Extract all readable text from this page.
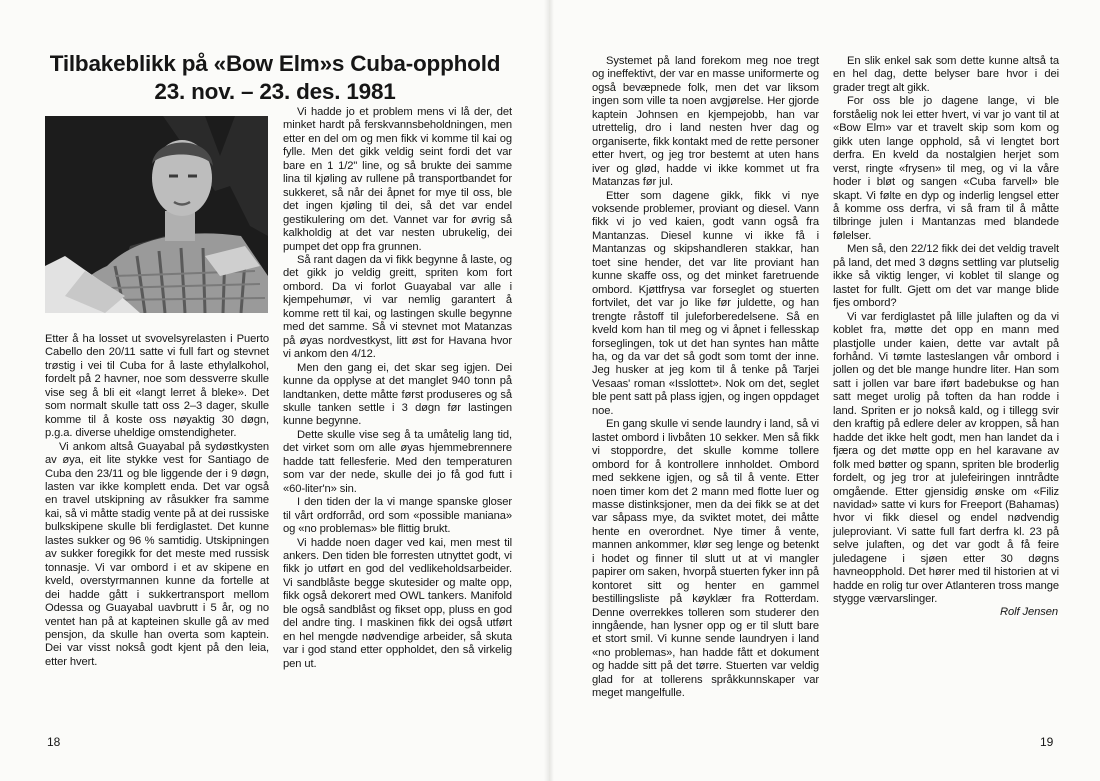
Tilbakeblikk på «Bow Elm»s Cuba-opphold
23. nov. – 23. des. 1981

Etter å ha losset ut svovelsyrelasten i Puerto Cabello den 20/11 satte vi full fart og stevnet trøstig i vei til Cuba for å laste ethylalkohol, fordelt på 2 havner, noe som dessverre skulle vise seg å bli eit «langt lerret å bleke». Det som normalt skulle tatt oss 2–3 dager, skulle komme til å koste oss nøyaktig 30 døgn, p.g.a. diverse uheldige omstendigheter.

Vi ankom altså Guayabal på sydøstkysten av øya, eit lite stykke vest for Santiago de Cuba den 23/11 og ble liggende der i 9 døgn, lasten var ikke komplett enda. Det var også en travel utskipning av råsukker fra samme kai, så vi måtte stadig vente på at dei russiske bulkskipene skulle bli ferdiglastet. Det kunne lastes sukker og 96 % samtidig. Utskipningen av sukker foregikk for det meste med russisk tonnasje. Vi var ombord i et av skipene en kveld, overstyrmannen kunne da fortelle at dei hadde gått i sukkertransport mellom Odessa og Guayabal uavbrutt i 5 år, og no ventet han på at kapteinen skulle gå av med pensjon, da skulle han overta som kaptein. Dei var visst nokså godt kjent på den leia, etter hvert.

Vi hadde jo et problem mens vi lå der, det minket hardt på ferskvannsbeholdningen, men etter en del om og men fikk vi komme til kai og fylle. Men det gikk veldig seint fordi det var bare en 1 1/2" line, og så brukte dei samme lina til kjøling av rullene på transportbandet for sukkeret, så når dei åpnet for mye til oss, ble det ingen kjøling til dei, så det var endel gestikulering om det. Vannet var for øvrig så kalkholdig at det var nesten ubrukelig, dei pumpet det opp fra grunnen.

Så rant dagen da vi fikk begynne å laste, og det gikk jo veldig greitt, spriten kom fort ombord. Da vi forlot Guayabal var alle i kjempehumør, vi var nemlig garantert å komme rett til kai, og lastingen skulle begynne med det samme. Så vi stevnet mot Matanzas på øyas nordvestkyst, litt øst for Havana hvor vi ankom den 4/12.

Men den gang ei, det skar seg igjen. Dei kunne da opplyse at det manglet 940 tonn på landtanken, dette måtte først produseres og så skulle tanken settle i 3 døgn før lastingen kunne begynne.

Dette skulle vise seg å ta umåtelig lang tid, det virket som om alle øyas hjemmebrennere hadde tatt fellesferie. Med den temperaturen som var der nede, skulle dei jo få god futt i «60-liter'n» sin.

I den tiden der la vi mange spanske gloser til vårt ordforråd, ord som «possible maniana» og «no problemas» ble flittig brukt.

Vi hadde noen dager ved kai, men mest til ankers. Den tiden ble forresten utnyttet godt, vi fikk jo utført en god del vedlikeholdsarbeider. Vi sandblåste begge skutesider og malte opp, fikk også dekorert med OWL tankers. Manifold ble også sandblåst og fikset opp, pluss en god del andre ting. I maskinen fikk dei også utført en hel mengde nødvendige arbeider, så skuta var i god stand etter oppholdet, den så virkelig pen ut.

Systemet på land forekom meg noe tregt og ineffektivt, der var en masse uniformerte og også bevæpnede folk, men det var liksom ingen som ville ta noen avgjørelse. Her gjorde kaptein Johnsen en kjempejobb, han var utrettelig, dro i land nesten hver dag og organiserte, fikk kontakt med de rette personer etter hvert, og jeg tror bestemt at uten hans iver og glød, hadde vi ikke kommet ut fra Matanzas før jul.

Etter som dagene gikk, fikk vi nye voksende problemer, proviant og diesel. Vann fikk vi jo ved kaien, godt vann også fra Mantanzas. Diesel kunne vi ikke få i Mantanzas og skipshandleren stakkar, han toet sine hender, det var lite proviant han kunne skaffe oss, og det minket faretruende ombord. Kjøttfrysa var forseglet og stuerten fortvilet, det var jo like før juldette, og han trengte råstoff til juleforberedelsene. Så en kveld kom han til meg og vi åpnet i fellesskap forseglingen, tok ut det han syntes han måtte ha, og da var det så godt som tomt der inne. Jeg husker at jeg kom til å tenke på Tarjei Vesaas' roman «Isslottet». Nok om det, seglet ble pent satt på plass igjen, og ingen oppdaget noe.

En gang skulle vi sende laundry i land, så vi lastet ombord i livbåten 10 sekker. Men så fikk vi stoppordre, det skulle komme tollere ombord for å kontrollere innholdet. Ombord med sekkene igjen, og så til å vente. Etter noen timer kom det 2 mann med flotte luer og masse distinksjoner, men da dei fikk se at det var såpass mye, da sviktet motet, dei måtte hente en overordnet. Nye timer å vente, mannen ankommer, klør seg lenge og betenkt i hodet og finner til slutt ut at vi mangler papirer om saken, hvorpå stuerten fyker inn på kontoret sitt og henter en gammel bestillingsliste på køyklær fra Rotterdam. Denne overrekkes tolleren som studerer den inngående, han lysner opp og er til slutt bare et stort smil. Vi kunne sende laundryen i land «no problemas», han hadde fått et dokument og hadde sitt på det tørre. Stuerten var veldig glad for at tollerens språkkunnskaper var meget mangelfulle.

En slik enkel sak som dette kunne altså ta en hel dag, dette belyser bare hvor i dei grader tregt alt gikk.

For oss ble jo dagene lange, vi ble forståelig nok lei etter hvert, vi var jo vant til at «Bow Elm» var et travelt skip som kom og gikk uten lange opphold, så vi lengtet bort derfra. En kveld da nostalgien herjet som verst, ringte «frysen» til meg, og vi la våre hoder i bløt og sangen «Cuba farvell» ble skapt. Vi følte en dyp og inderlig lengsel etter å komme oss derfra, vi så fram til å måtte tilbringe julen i Mantanzas med blandede følelser.

Men så, den 22/12 fikk dei det veldig travelt på land, det med 3 døgns settling var plutselig ikke så viktig lenger, vi koblet til slange og lastet for fullt. Gjett om det var mange blide fjes ombord?

Vi var ferdiglastet på lille julaften og da vi koblet fra, møtte det opp en mann med plastjolle under kaien, dette var avtalt på forhånd. Vi tømte lasteslangen vår ombord i jollen og det ble mange hundre liter. Han som satt i jollen var bare iført badebukse og han satt meget urolig på toften da han rodde i land. Spriten er jo nokså kald, og i tillegg svir den kraftig på edlere deler av kroppen, så han hadde det ikke helt godt, men han landet da i fjæra og det møtte opp en hel karavane av folk med bøtter og spann, spriten ble broderlig fordelt, og jeg tror at julefeiringen inntrådte omgående. Etter gjensidig ønske om «Filiz navidad» satte vi kurs for Freeport (Bahamas) hvor vi fikk diesel og endel nødvendig juleproviant. Vi satte full fart derfra kl. 23 på selve julaften, og det var godt å få feire juledagene i sjøen etter 30 døgns havneopphold. Det hører med til historien at vi hadde en rolig tur over Atlanteren tross mange stygge værvarslinger.

Rolf Jensen
18	19
